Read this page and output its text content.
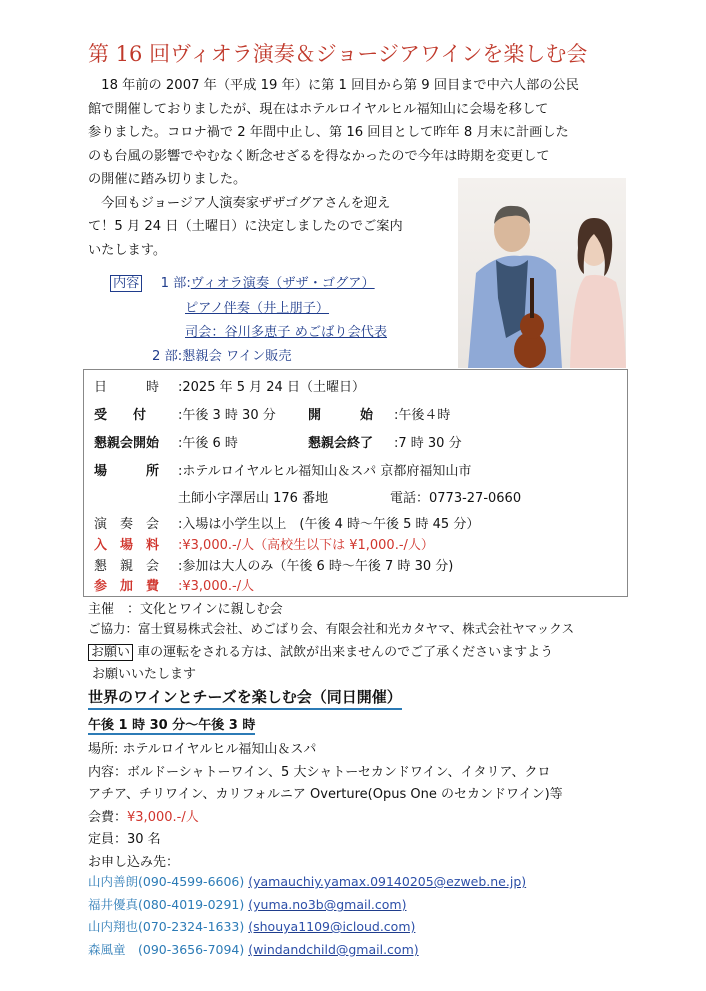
第 16 回ヴィオラ演奏＆ジョージアワインを楽しむ会
　18 年前の 2007 年（平成 19 年）に第 1 回目から第 9 回目まで中六人部の公民
館で開催しておりましたが、現在はホテルロイヤルヒル福知山に会場を移して
参りました。コロナ禍で 2 年間中止し、第 16 回目として昨年 8 月末に計画した
のも台風の影響でやむなく断念せざるを得なかったので今年は時期を変更して
の開催に踏み切りました。
　今回もジョージア人演奏家ザザゴグアさんを迎え
て！5 月 24 日（土曜日）に決定しましたのでご案内
いたします。
内容 1 部:ヴィオラ演奏（ザザ・ゴグア）
ピアノ伴奏（井上朋子）
司会：谷川多恵子 めごばり会代表
2 部:懇親会 ワイン販売
日　　　時 :2025 年 5 月 24 日（土曜日）
受　　付 :午後 3 時 30 分 開　　　始 :午後４時
懇親会開始 :午後 6 時	懇親会終了 :7 時 30 分
場　　　所 :ホテルロイヤルヒル福知山＆スパ 京都府福知山市
土師小字澤居山 176 番地	電話：0773-27-0660
演　奏　会 :入場は小学生以上　(午後 4 時〜午後 5 時 45 分）
入　場　料 :¥3,000.-/人（高校生以下は ¥1,000.-/人）
懇　親　会 :参加は大人のみ（午後 6 時〜午後 7 時 30 分)
参　加　費 :¥3,000.-/人
主催　：文化とワインに親しむ会
ご協力：富士貿易株式会社、めごばり会、有限会社和光カタヤマ、株式会社ヤマックス
お願い 車の運転をされる方は、試飲が出来ませんのでご了承くださいますよう
お願いいたします
世界のワインとチーズを楽しむ会（同日開催）
午後 1 時 30 分〜午後 3 時
場所: ホテルロイヤルヒル福知山＆スパ
内容：ボルドーシャトーワイン、5 大シャトーセカンドワイン、イタリア、クロ
アチア、チリワイン、カリフォルニア Overture(Opus One のセカンドワイン)等
会費：¥3,000.-/人
定員：30 名
お申し込み先：
山内善朗(090-4599-6606) (yamauchiy.yamax.09140205@ezweb.ne.jp)
福井優真(080-4019-0291) (yuma.no3b@gmail.com)
山内翔也(070-2324-1633) (shouya1109@icloud.com)
森風童　(090-3656-7094) (windandchild@gmail.com)
